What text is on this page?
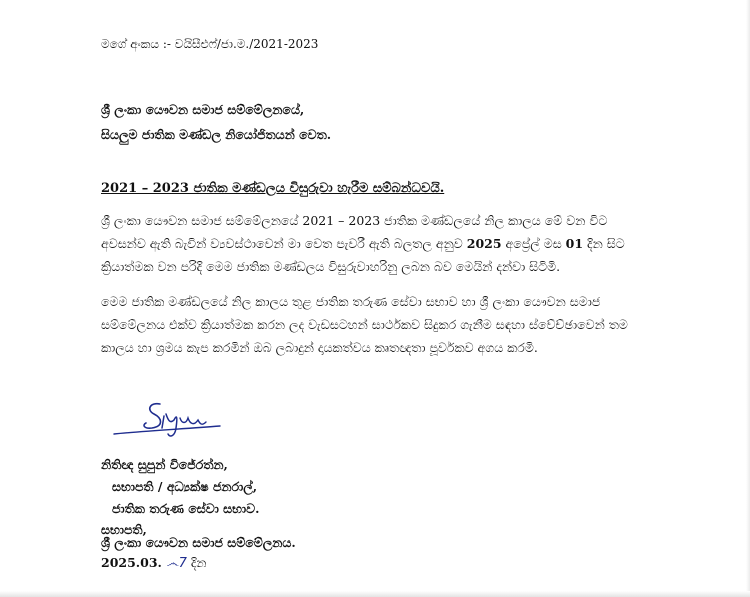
මගේ අංකය :- වයිසීඑෆ්/ජා.ම./2021-2023
ශ්‍රී ලංකා යෞවන සමාජ සම්මේලනයේ,
සියලුම ජාතික මණ්ඩල නියෝජිතයන් වෙත.
2021 – 2023 ජාතික මණ්ඩලය විසුරුවා හැරීම සම්බන්ධවයි.
ශ්‍රී ලංකා යෞවන සමාජ සම්මේලනයේ 2021 – 2023 ජාතික මණ්ඩලයේ නිල කාලය මේ වන විට
අවසන්ව ඇති බැවින් ව්‍යවස්ථාවෙන් මා වෙත පැවරී ඇති බලතල අනුව 2025 අප්‍රේල් මස 01 දින සිට
ක්‍රියාත්මක වන පරිදි මෙම ජාතික මණ්ඩලය විසුරුවාහරිනු ලබන බව මෙයින් දන්වා සිටිමි.
මෙම ජාතික මණ්ඩලයේ නිල කාලය තුළ ජාතික තරුණ සේවා සභාව හා ශ්‍රී ලංකා යෞවන සමාජ
සම්මේලනය එක්ව ක්‍රියාත්මක කරන ලද වැඩසටහන් සාර්ථකව සිදුකර ගැනීම සඳහා ස්වේච්ඡාවෙන් තම
කාලය හා ශ්‍රමය කැප කරමින් ඔබ ලබාදුන් දායකත්වය කෘතඥතා පූර්වකව අගය කරමි.
නිතිඥ සුපුන් විජේරත්න,
සභාපති / අධ්‍යක්ෂ ජනරාල්,
ජාතික තරුණ සේවා සභාව.
සභාපති,
ශ්‍රී ලංකා යෞවන සමාජ සම්මේලනය.
2025.03. ෴7 දින
